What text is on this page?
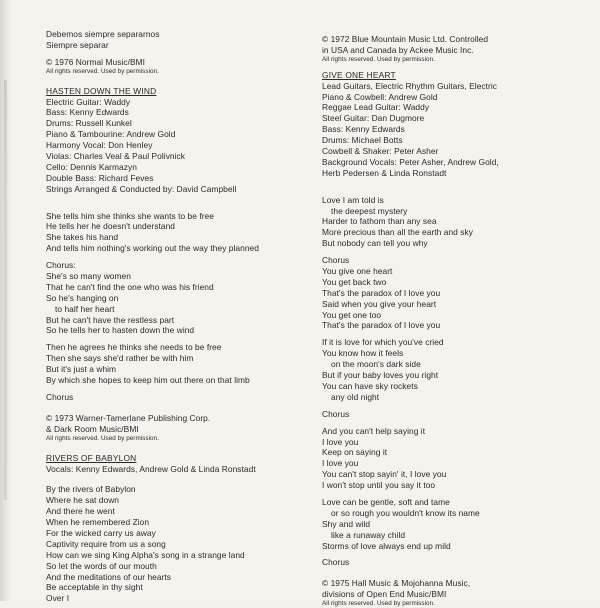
Debemos siempre separarnos
Siempre separar
© 1976 Normal Music/BMI
All rights reserved. Used by permission.
HASTEN DOWN THE WIND
Electric Guitar: Waddy
Bass: Kenny Edwards
Drums: Russell Kunkel
Piano & Tambourine: Andrew Gold
Harmony Vocal: Don Henley
Violas: Charles Veal & Paul Polivnick
Cello: Dennis Karmazyn
Double Bass: Richard Feves
Strings Arranged & Conducted by: David Campbell
She tells him she thinks she wants to be free
He tells her he doesn't understand
She takes his hand
And tells him nothing's working out the way they planned
Chorus:
She's so many women
That he can't find the one who was his friend
So he's hanging on
to half her heart
But he can't have the restless part
So he tells her to hasten down the wind
Then he agrees he thinks she needs to be free
Then she says she'd rather be with him
But it's just a whim
By which she hopes to keep him out there on that limb
Chorus
© 1973 Warner-Tamerlane Publishing Corp.
& Dark Room Music/BMI
All rights reserved. Used by permission.
RIVERS OF BABYLON
Vocals: Kenny Edwards, Andrew Gold & Linda Ronstadt
By the rivers of Babylon
Where he sat down
And there he went
When he remembered Zion
For the wicked carry us away
Captivity require from us a song
How can we sing King Alpha's song in a strange land
So let the words of our mouth
And the meditations of our hearts
Be acceptable in thy sight
Over I
© 1972 Blue Mountain Music Ltd. Controlled
in USA and Canada by Ackee Music Inc.
All rights reserved. Used by permission.
GIVE ONE HEART
Lead Guitars, Electric Rhythm Guitars, Electric
Piano & Cowbell: Andrew Gold
Reggae Lead Guitar: Waddy
Steel Guitar: Dan Dugmore
Bass: Kenny Edwards
Drums: Michael Botts
Cowbell & Shaker: Peter Asher
Background Vocals: Peter Asher, Andrew Gold,
Herb Pedersen & Linda Ronstadt
Love I am told is
the deepest mystery
Harder to fathom than any sea
More precious than all the earth and sky
But nobody can tell you why
Chorus
You give one heart
You get back two
That's the paradox of I love you
Said when you give your heart
You get one too
That's the paradox of I love you
If it is love for which you've cried
You know how it feels
on the moon's dark side
But if your baby loves you right
You can have sky rockets
any old night
Chorus
And you can't help saying it
I love you
Keep on saying it
I love you
You can't stop sayin' it, I love you
I won't stop until you say it too
Love can be gentle, soft and tame
or so rough you wouldn't know its name
Shy and wild
like a runaway child
Storms of love always end up mild
Chorus
© 1975 Hall Music & Mojohanna Music,
divisions of Open End Music/BMI
All rights reserved. Used by permission.
